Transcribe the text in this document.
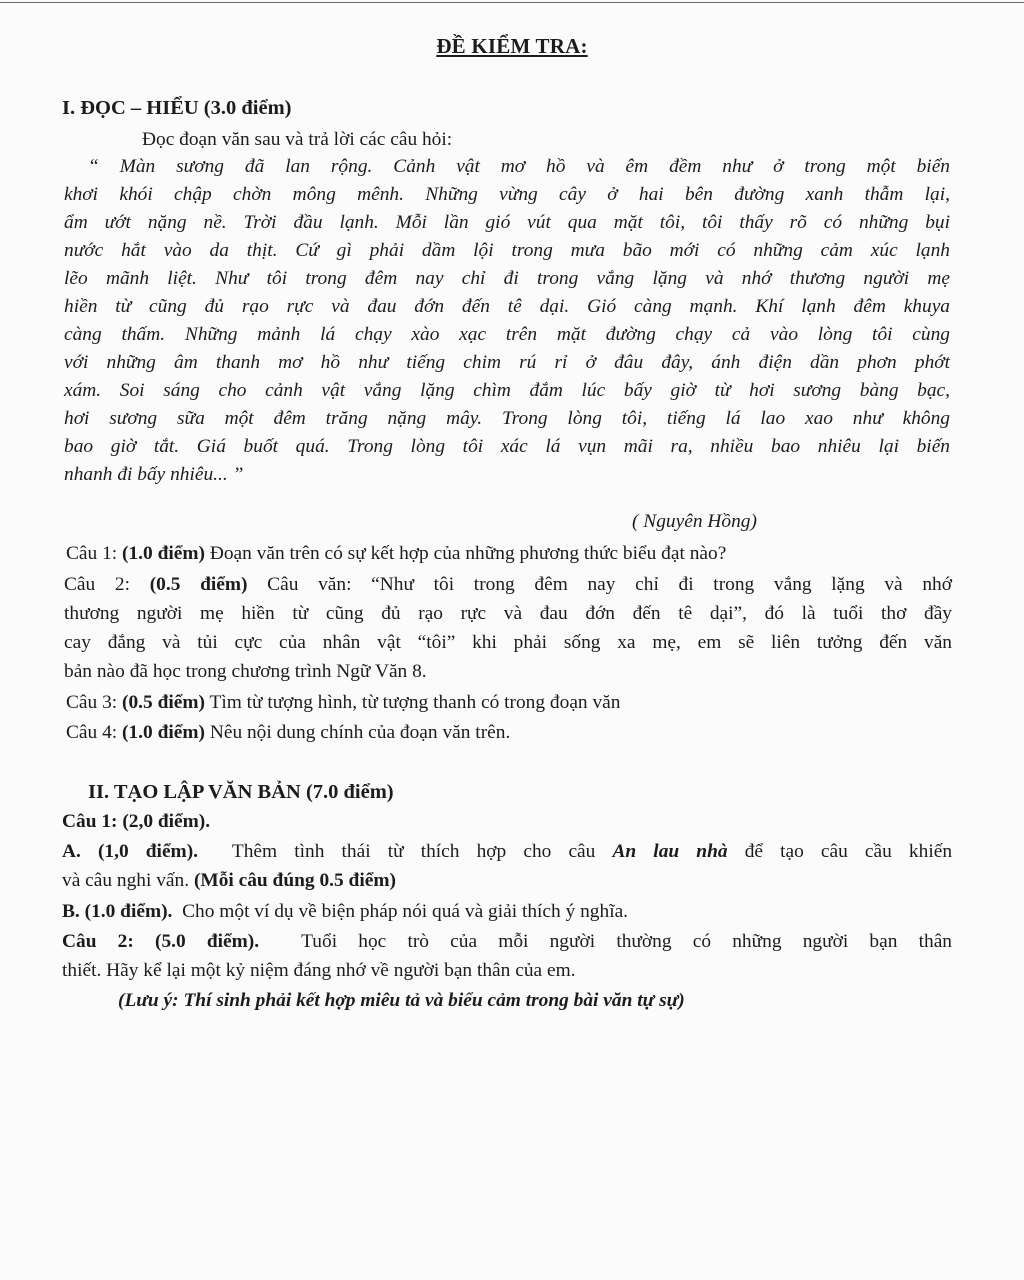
ĐỀ KIỂM TRA:
I. ĐỌC – HIỂU (3.0 điểm)
Đọc đoạn văn sau và trả lời các câu hỏi:
“ Màn sương đã lan rộng. Cảnh vật mơ hồ và êm đềm như ở trong một biển
khơi khói chập chờn mông mênh. Những vừng cây ở hai bên đường xanh thẫm lại,
ẩm ướt nặng nề. Trời đầu lạnh. Mỗi lần gió vút qua mặt tôi, tôi thấy rõ có những bụi
nước hắt vào da thịt. Cứ gì phải dầm lội trong mưa bão mới có những cảm xúc lạnh
lẽo mãnh liệt. Như tôi trong đêm nay chỉ đi trong vắng lặng và nhớ thương người mẹ
hiền từ cũng đủ rạo rực và đau đớn đến tê dại. Gió càng mạnh. Khí lạnh đêm khuya
càng thấm. Những mảnh lá chạy xào xạc trên mặt đường chạy cả vào lòng tôi cùng
với những âm thanh mơ hồ như tiếng chim rú rỉ ở đâu đây, ánh điện dần phơn phớt
xám. Soi sáng cho cảnh vật vắng lặng chìm đắm lúc bấy giờ từ hơi sương bàng bạc,
hơi sương sữa một đêm trăng nặng mây. Trong lòng tôi, tiếng lá lao xao như không
bao giờ tắt. Giá buốt quá. Trong lòng tôi xác lá vụn mãi ra, nhiều bao nhiêu lại biến
nhanh đi bấy nhiêu... ”
( Nguyên Hồng)
Câu 1: (1.0 điểm) Đoạn văn trên có sự kết hợp của những phương thức biểu đạt nào?
Câu 2: (0.5 điểm) Câu văn: “Như tôi trong đêm nay chỉ đi trong vắng lặng và nhớ
thương người mẹ hiền từ cũng đủ rạo rực và đau đớn đến tê dại”, đó là tuổi thơ đầy
cay đắng và tủi cực của nhân vật “tôi” khi phải sống xa mẹ, em sẽ liên tưởng đến văn
bản nào đã học trong chương trình Ngữ Văn 8.
Câu 3: (0.5 điểm) Tìm từ tượng hình, từ tượng thanh có trong đoạn văn
Câu 4: (1.0 điểm) Nêu nội dung chính của đoạn văn trên.
II. TẠO LẬP VĂN BẢN (7.0 điểm)
Câu 1: (2,0 điểm).
A. (1,0 điểm). Thêm tình thái từ thích hợp cho câu An lau nhà để tạo câu cầu khiến
và câu nghi vấn. (Mỗi câu đúng 0.5 điểm)
B. (1.0 điểm). Cho một ví dụ về biện pháp nói quá và giải thích ý nghĩa.
Câu 2: (5.0 điểm). Tuổi học trò của mỗi người thường có những người bạn thân
thiết. Hãy kể lại một kỷ niệm đáng nhớ về người bạn thân của em.
(Lưu ý: Thí sinh phải kết hợp miêu tả và biểu cảm trong bài văn tự sự)
